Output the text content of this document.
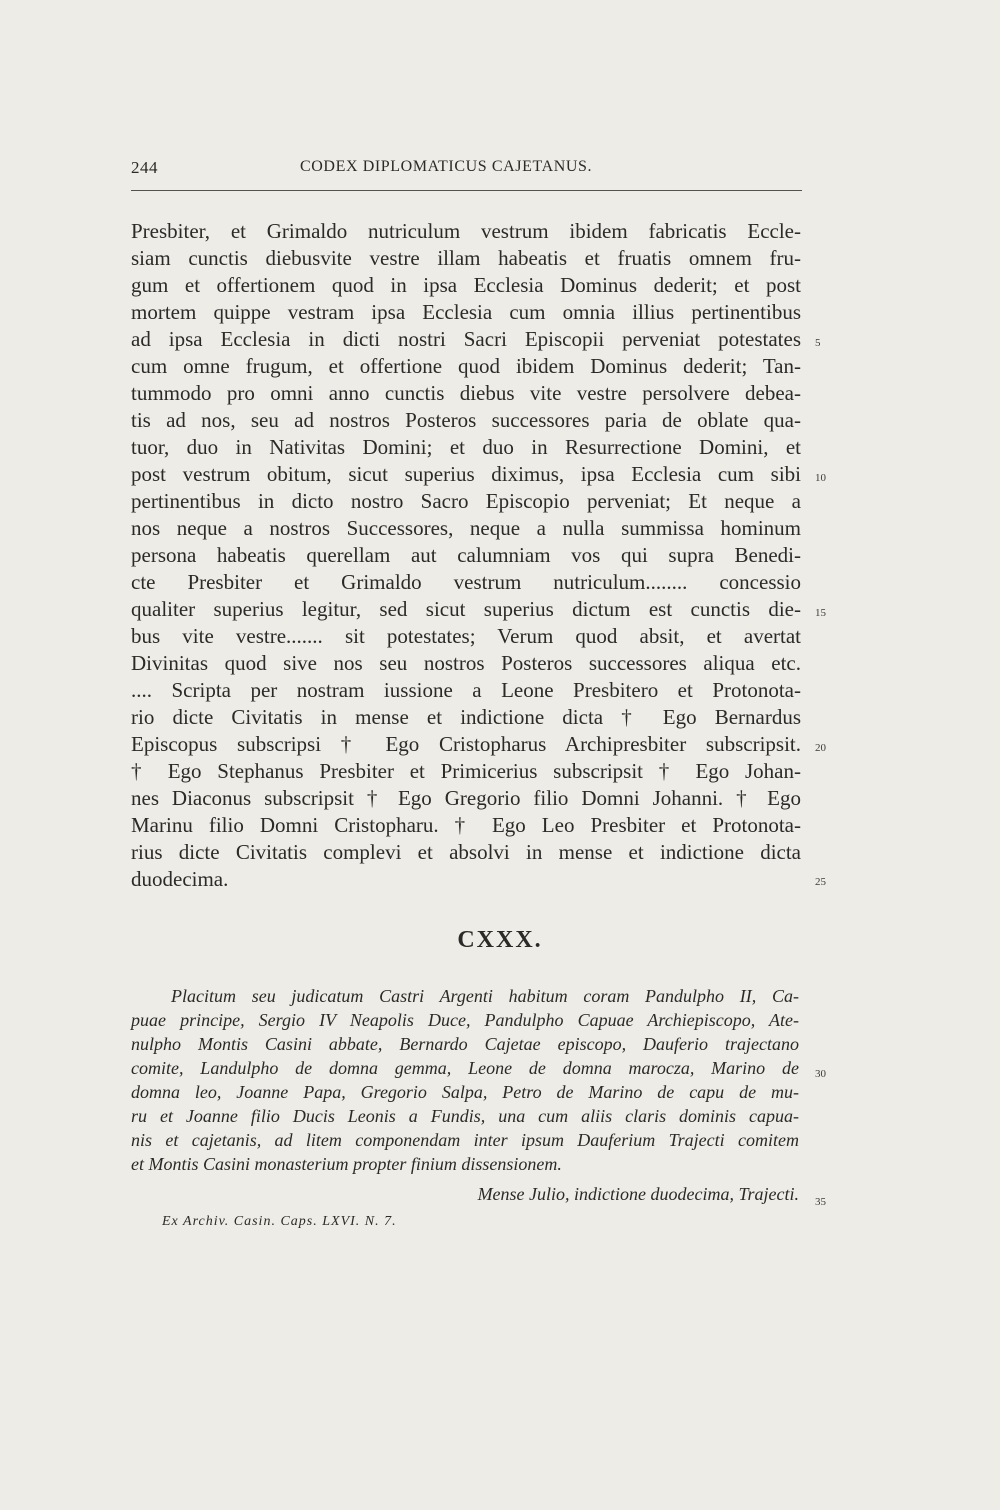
244	CODEX DIPLOMATICUS CAJETANUS.
Presbiter, et Grimaldo nutriculum vestrum ibidem fabricatis Eccle-
siam cunctis diebusvite vestre illam habeatis et fruatis omnem fru-
gum et offertionem quod in ipsa Ecclesia Dominus dederit; et post
mortem quippe vestram ipsa Ecclesia cum omnia illius pertinentibus
ad ipsa Ecclesia in dicti nostri Sacri Episcopii perveniat potestates
cum omne frugum, et offertione quod ibidem Dominus dederit; Tan-
tummodo pro omni anno cunctis diebus vite vestre persolvere debea-
tis ad nos, seu ad nostros Posteros successores paria de oblate qua-
tuor, duo in Nativitas Domini; et duo in Resurrectione Domini, et
post vestrum obitum, sicut superius diximus, ipsa Ecclesia cum sibi
pertinentibus in dicto nostro Sacro Episcopio perveniat; Et neque a
nos neque a nostros Successores, neque a nulla summissa hominum
persona habeatis querellam aut calumniam vos qui supra Benedi-
cte Presbiter et Grimaldo vestrum nutriculum........ concessio
qualiter superius legitur, sed sicut superius dictum est cunctis die-
bus vite vestre....... sit potestates; Verum quod absit, et avertat
Divinitas quod sive nos seu nostros Posteros successores aliqua etc.
.... Scripta per nostram iussione a Leone Presbitero et Protonota-
rio dicte Civitatis in mense et indictione dicta † Ego Bernardus
Episcopus subscripsi † Ego Cristopharus Archipresbiter subscripsit.
† Ego Stephanus Presbiter et Primicerius subscripsit † Ego Johan-
nes Diaconus subscripsit † Ego Gregorio filio Domni Johanni. † Ego
Marinu filio Domni Cristopharu. † Ego Leo Presbiter et Protonota-
rius dicte Civitatis complevi et absolvi in mense et indictione dicta
duodecima.
5
10
15
20
25
30
35
CXXX.
Placitum seu judicatum Castri Argenti habitum coram Pandulpho II, Ca-
puae principe, Sergio IV Neapolis Duce, Pandulpho Capuae Archiepiscopo, Ate-
nulpho Montis Casini abbate, Bernardo Cajetae episcopo, Dauferio trajectano
comite, Landulpho de domna gemma, Leone de domna marocza, Marino de
domna leo, Joanne Papa, Gregorio Salpa, Petro de Marino de capu de mu-
ru et Joanne filio Ducis Leonis a Fundis, una cum aliis claris dominis capua-
nis et cajetanis, ad litem componendam inter ipsum Dauferium Trajecti comitem
et Montis Casini monasterium propter finium dissensionem.
Mense Julio, indictione duodecima, Trajecti.
Ex Archiv. Casin. Caps. LXVI. N. 7.
